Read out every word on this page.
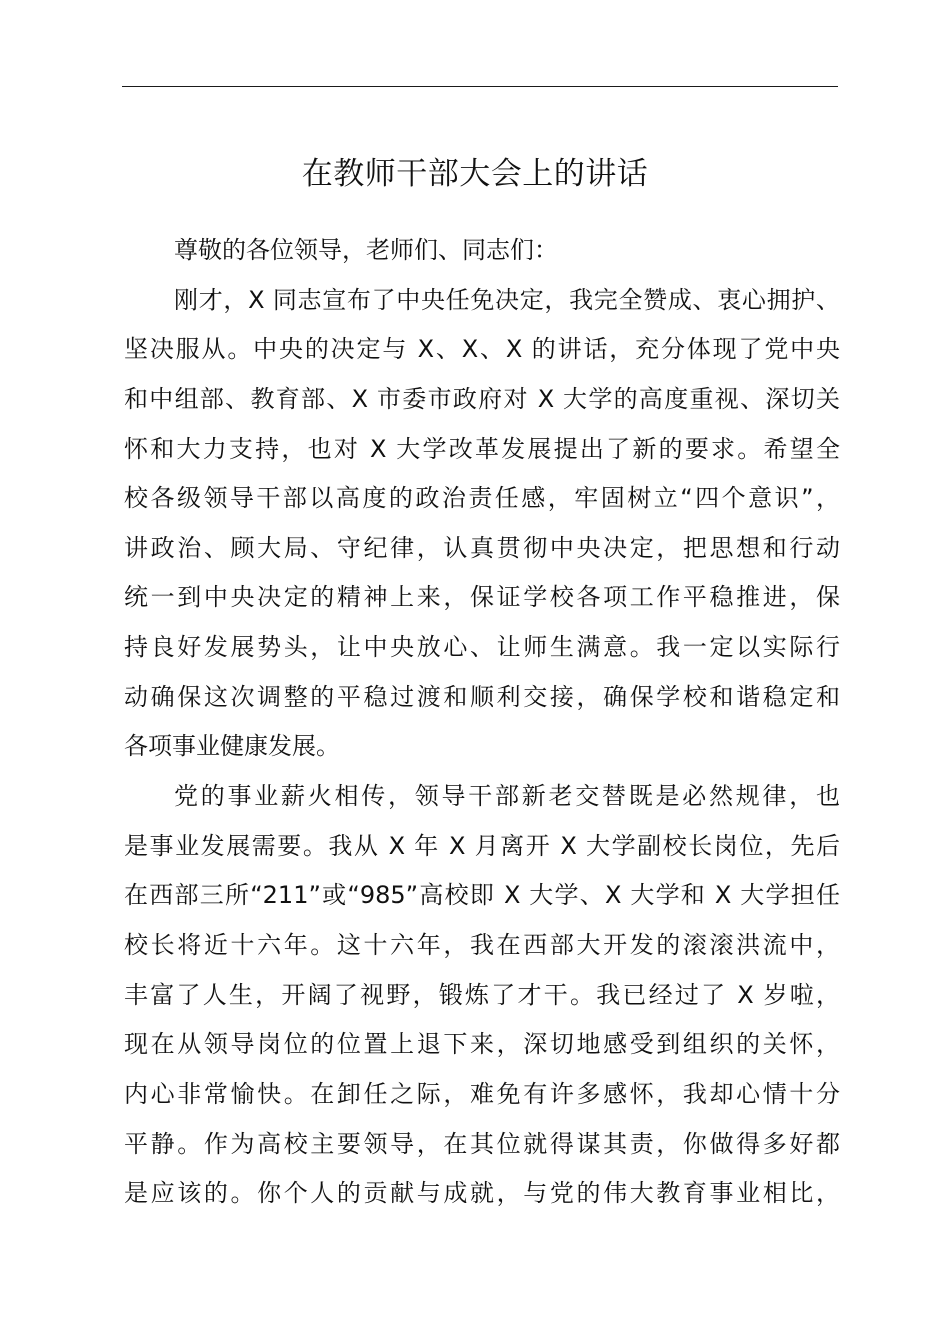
在教师干部大会上的讲话
尊敬的各位领导，老师们、同志们：
刚才，X 同志宣布了中央任免决定，我完全赞成、衷心拥护、
坚决服从。中央的决定与 X、X、X 的讲话，充分体现了党中央
和中组部、教育部、X 市委市政府对 X 大学的高度重视、深切关
怀和大力支持，也对 X 大学改革发展提出了新的要求。希望全
校各级领导干部以高度的政治责任感，牢固树立“四个意识”，
讲政治、顾大局、守纪律，认真贯彻中央决定，把思想和行动
统一到中央决定的精神上来，保证学校各项工作平稳推进，保
持良好发展势头，让中央放心、让师生满意。我一定以实际行
动确保这次调整的平稳过渡和顺利交接，确保学校和谐稳定和
各项事业健康发展。
党的事业薪火相传，领导干部新老交替既是必然规律，也
是事业发展需要。我从 X 年 X 月离开 X 大学副校长岗位，先后
在西部三所“211”或“985”高校即 X 大学、X 大学和 X 大学担任
校长将近十六年。这十六年，我在西部大开发的滚滚洪流中，
丰富了人生，开阔了视野，锻炼了才干。我已经过了 X 岁啦，
现在从领导岗位的位置上退下来，深切地感受到组织的关怀，
内心非常愉快。在卸任之际，难免有许多感怀，我却心情十分
平静。作为高校主要领导，在其位就得谋其责，你做得多好都
是应该的。你个人的贡献与成就，与党的伟大教育事业相比，
